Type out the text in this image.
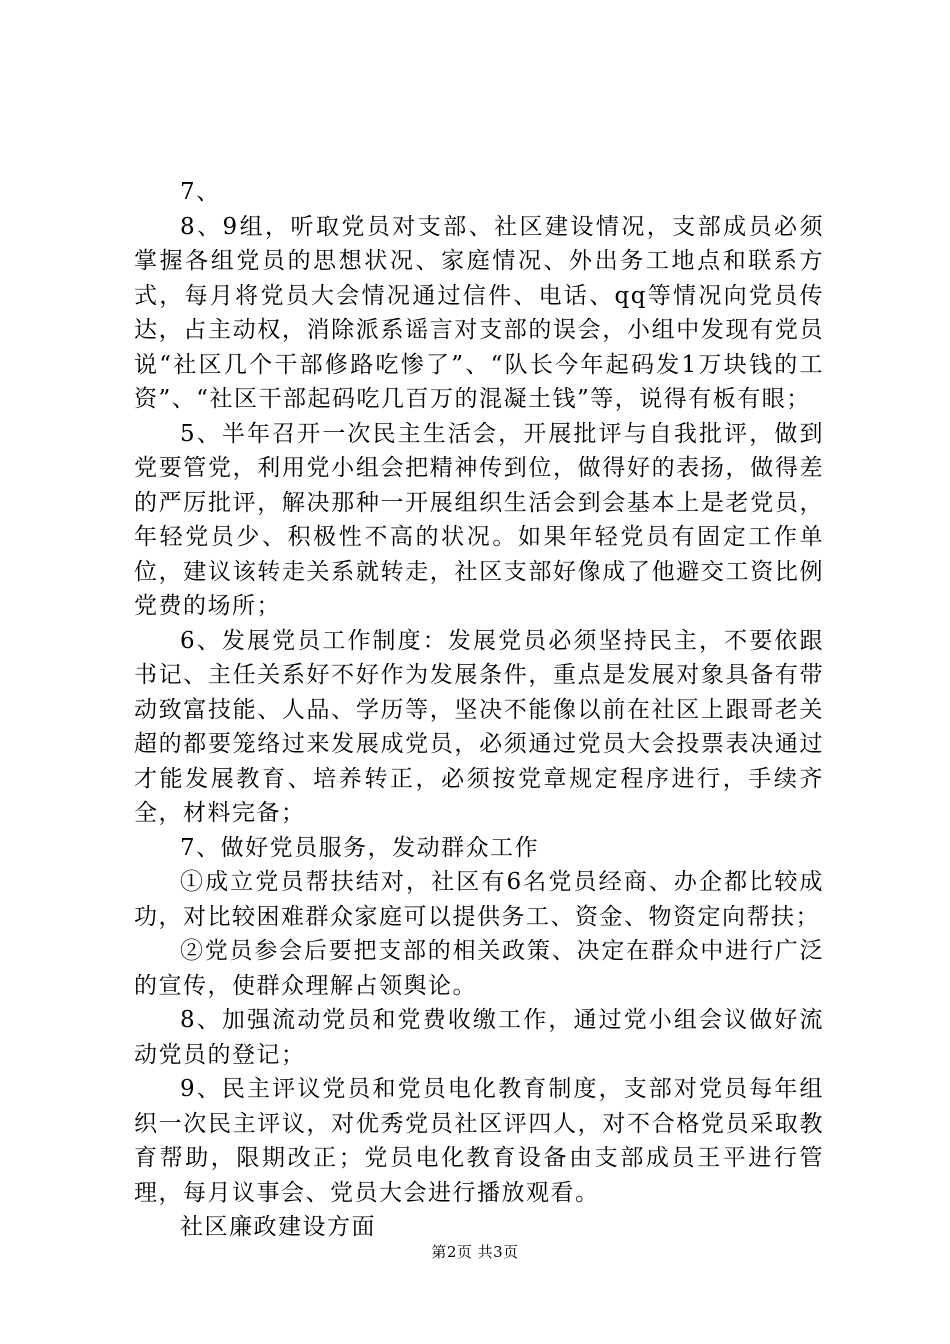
7、

8、9组，听取党员对支部、社区建设情况，支部成员必须掌握各组党员的思想状况、家庭情况、外出务工地点和联系方式，每月将党员大会情况通过信件、电话、qq等情况向党员传达，占主动权，消除派系谣言对支部的误会，小组中发现有党员说“社区几个干部修路吃惨了”、“队长今年起码发1万块钱的工资”、“社区干部起码吃几百万的混凝土钱”等，说得有板有眼；

5、半年召开一次民主生活会，开展批评与自我批评，做到党要管党，利用党小组会把精神传到位，做得好的表扬，做得差的严厉批评，解决那种一开展组织生活会到会基本上是老党员，年轻党员少、积极性不高的状况。如果年轻党员有固定工作单位，建议该转走关系就转走，社区支部好像成了他避交工资比例党费的场所；

6、发展党员工作制度：发展党员必须坚持民主，不要依跟书记、主任关系好不好作为发展条件，重点是发展对象具备有带动致富技能、人品、学历等，坚决不能像以前在社区上跟哥老关超的都要笼络过来发展成党员，必须通过党员大会投票表决通过才能发展教育、培养转正，必须按党章规定程序进行，手续齐全，材料完备；

7、做好党员服务，发动群众工作

①成立党员帮扶结对，社区有6名党员经商、办企都比较成功，对比较困难群众家庭可以提供务工、资金、物资定向帮扶；

②党员参会后要把支部的相关政策、决定在群众中进行广泛的宣传，使群众理解占领舆论。

8、加强流动党员和党费收缴工作，通过党小组会议做好流动党员的登记；

9、民主评议党员和党员电化教育制度，支部对党员每年组织一次民主评议，对优秀党员社区评四人，对不合格党员采取教育帮助，限期改正；党员电化教育设备由支部成员王平进行管理，每月议事会、党员大会进行播放观看。

社区廉政建设方面

第2页 共3页
